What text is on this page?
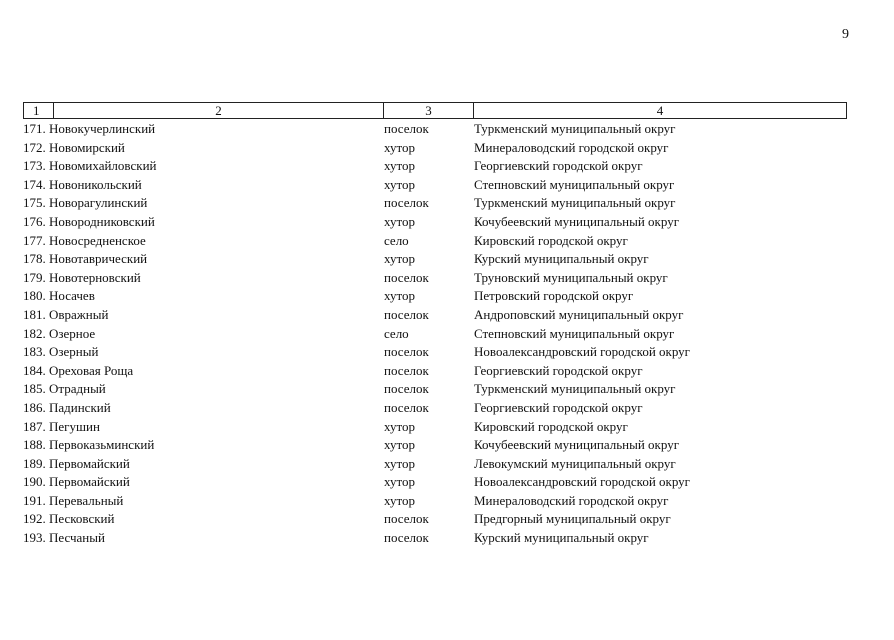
9
1	2	3	4
171. Новокучерлинский	поселок	Туркменский муниципальный округ
172. Новомирский	хутор	Минераловодский городской округ
173. Новомихайловский	хутор	Георгиевский городской округ
174. Новоникольский	хутор	Степновский муниципальный округ
175. Новорагулинский	поселок	Туркменский муниципальный округ
176. Новородниковский	хутор	Кочубеевский муниципальный округ
177. Новосредненское	село	Кировский городской округ
178. Новотаврический	хутор	Курский муниципальный округ
179. Новотерновский	поселок	Труновский муниципальный округ
180. Носачев	хутор	Петровский городской округ
181. Овражный	поселок	Андроповский муниципальный округ
182. Озерное	село	Степновский муниципальный округ
183. Озерный	поселок	Новоалександровский городской округ
184. Ореховая Роща	поселок	Георгиевский городской округ
185. Отрадный	поселок	Туркменский муниципальный округ
186. Падинский	поселок	Георгиевский городской округ
187. Пегушин	хутор	Кировский городской округ
188. Первоказьминский	хутор	Кочубеевский муниципальный округ
189. Первомайский	хутор	Левокумский муниципальный округ
190. Первомайский	хутор	Новоалександровский городской округ
191. Перевальный	хутор	Минераловодский городской округ
192. Песковский	поселок	Предгорный муниципальный округ
193. Песчаный	поселок	Курский муниципальный округ
